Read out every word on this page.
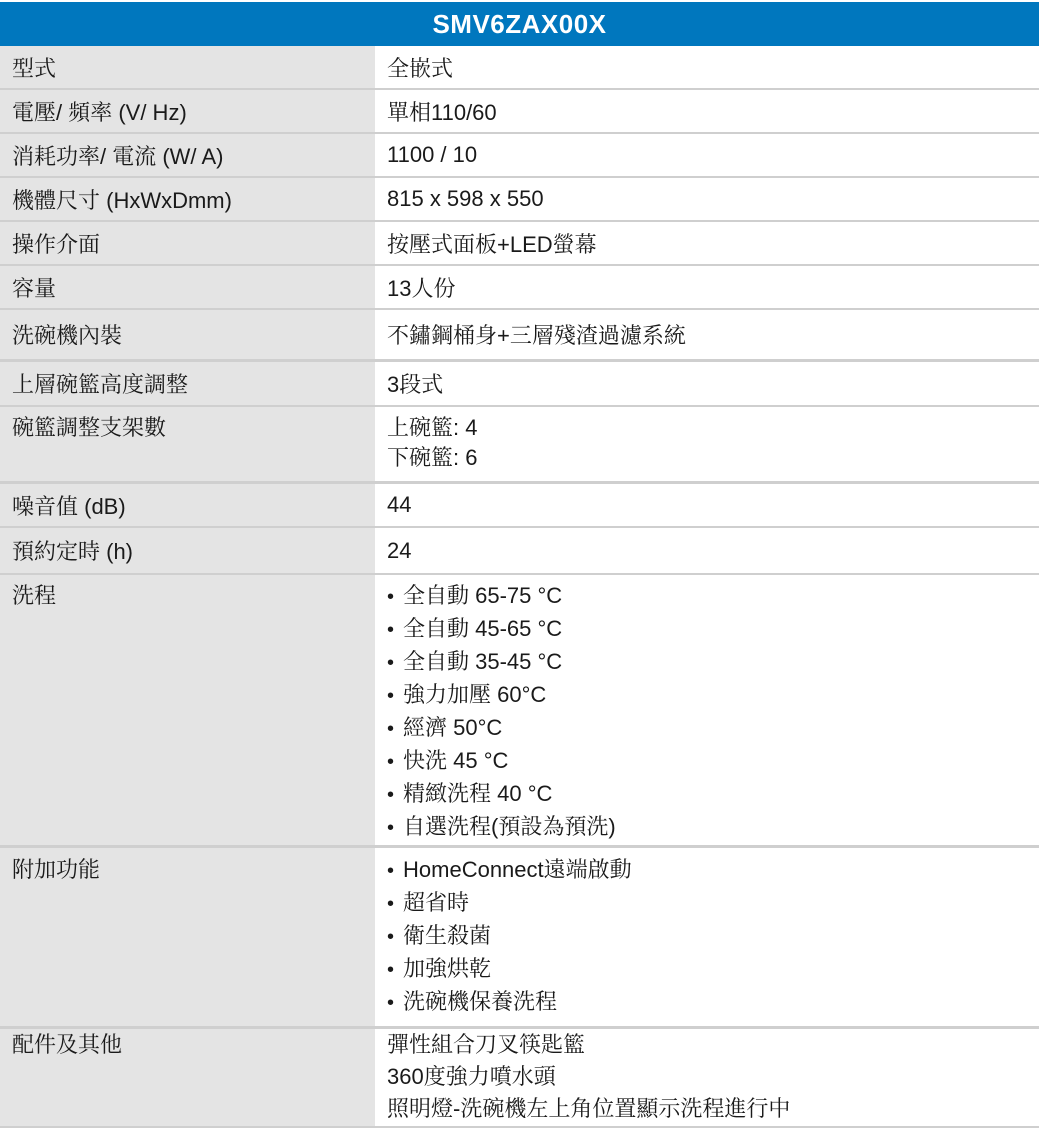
SMV6ZAX00X
型式	全嵌式
電壓/ 頻率 (V/ Hz)	單相110/60
消耗功率/ 電流 (W/ A)	1100 / 10
機體尺寸 (HxWxDmm)	815 x 598 x 550
操作介面	按壓式面板+LED螢幕
容量	13人份
洗碗機內裝	不鏽鋼桶身+三層殘渣過濾系統
上層碗籃高度調整	3段式
碗籃調整支架數	上碗籃: 4
下碗籃: 6
噪音值 (dB)	44
預約定時 (h)	24
洗程	• 全自動 65-75 °C
• 全自動 45-65 °C
• 全自動 35-45 °C
• 強力加壓 60°C
• 經濟 50°C
• 快洗 45 °C
• 精緻洗程 40 °C
• 自選洗程(預設為預洗)
附加功能	• HomeConnect遠端啟動
• 超省時
• 衛生殺菌
• 加強烘乾
• 洗碗機保養洗程
配件及其他	彈性組合刀叉筷匙籃
360度強力噴水頭
照明燈-洗碗機左上角位置顯示洗程進行中
